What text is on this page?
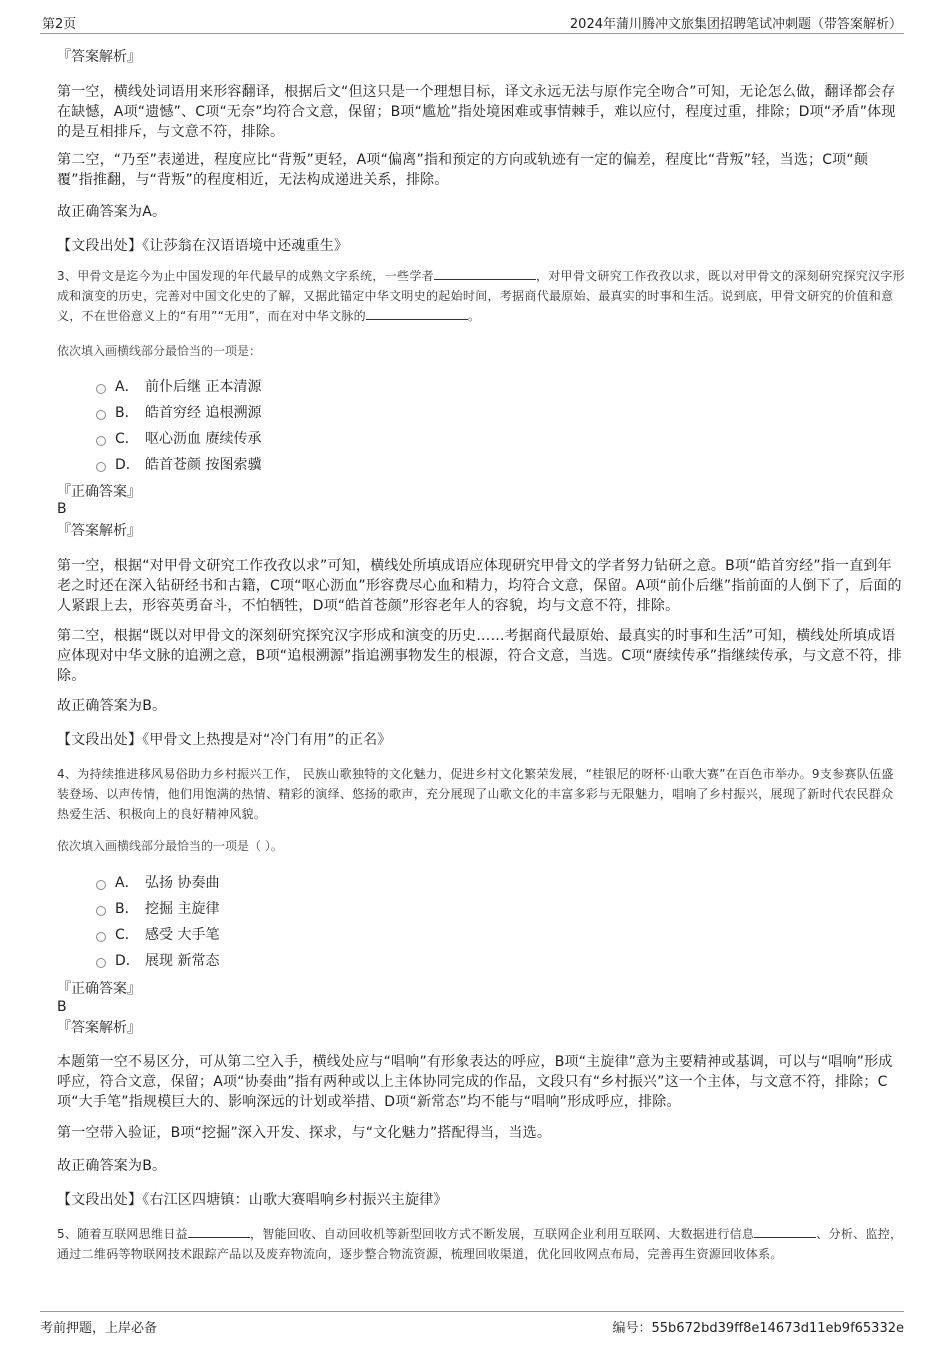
第2页	2024年蒲川腾冲文旅集团招聘笔试冲刺题（带答案解析）
『答案解析』
第一空，横线处词语用来形容翻译，根据后文“但这只是一个理想目标，译文永远无法与原作完全吻合”可知，无论怎么做，翻译都会存在缺憾，A项“遗憾”、C项“无奈”均符合文意，保留；B项“尴尬”指处境困难或事情棘手，难以应付，程度过重，排除；D项“矛盾”体现的是互相排斥，与文意不符，排除。
第二空，“乃至”表递进，程度应比“背叛”更轻，A项“偏离”指和预定的方向或轨迹有一定的偏差，程度比“背叛”轻，当选；C项“颠覆”指推翻，与“背叛”的程度相近，无法构成递进关系，排除。
故正确答案为A。
【文段出处】《让莎翁在汉语语境中还魂重生》
3、甲骨文是迄今为止中国发现的年代最早的成熟文字系统，一些学者	，对甲骨文研究工作孜孜以求，既以对甲骨文的深刻研究探究汉字形成和演变的历史，完善对中国文化史的了解，又据此锚定中华文明史的起始时间，考据商代最原始、最真实的时事和生活。说到底，甲骨文研究的价值和意义，不在世俗意义上的“有用”“无用”，而在对中华文脉的	。
依次填入画横线部分最恰当的一项是：
A． 前仆后继 正本清源
B． 皓首穷经 追根溯源
C． 呕心沥血 赓续传承
D． 皓首苍颜 按图索骥
『正确答案』
B
『答案解析』
第一空，根据“对甲骨文研究工作孜孜以求”可知，横线处所填成语应体现研究甲骨文的学者努力钻研之意。B项“皓首穷经”指一直到年老之时还在深入钻研经书和古籍，C项“呕心沥血”形容费尽心血和精力，均符合文意，保留。A项“前仆后继”指前面的人倒下了，后面的人紧跟上去，形容英勇奋斗，不怕牺牲，D项“皓首苍颜”形容老年人的容貌，均与文意不符，排除。
第二空，根据“既以对甲骨文的深刻研究探究汉字形成和演变的历史……考据商代最原始、最真实的时事和生活”可知，横线处所填成语应体现对中华文脉的追溯之意，B项“追根溯源”指追溯事物发生的根源，符合文意，当选。C项“赓续传承”指继续传承，与文意不符，排除。
故正确答案为B。
【文段出处】《甲骨文上热搜是对“冷门有用”的正名》
4、为持续推进移风易俗助力乡村振兴工作， 民族山歌独特的文化魅力，促进乡村文化繁荣发展，“桂银尼的呀杯·山歌大赛”在百色市举办。9支参赛队伍盛装登场、以声传情，他们用饱满的热情、精彩的演绎、悠扬的歌声，充分展现了山歌文化的丰富多彩与无限魅力，唱响了乡村振兴，展现了新时代农民群众热爱生活、积极向上的良好精神风貌。
依次填入画横线部分最恰当的一项是（ ）。
A． 弘扬 协奏曲
B． 挖掘 主旋律
C． 感受 大手笔
D． 展现 新常态
『正确答案』
B
『答案解析』
本题第一空不易区分，可从第二空入手，横线处应与“唱响”有形象表达的呼应，B项“主旋律”意为主要精神或基调，可以与“唱响”形成呼应，符合文意，保留；A项“协奏曲”指有两种或以上主体协同完成的作品，文段只有“乡村振兴”这一个主体，与文意不符，排除；C项“大手笔”指规模巨大的、影响深远的计划或举措、D项“新常态”均不能与“唱响”形成呼应，排除。
第一空带入验证，B项“挖掘”深入开发、探求，与“文化魅力”搭配得当，当选。
故正确答案为B。
【文段出处】《右江区四塘镇：山歌大赛唱响乡村振兴主旋律》
5、随着互联网思维日益	，智能回收、自动回收机等新型回收方式不断发展，互联网企业利用互联网、大数据进行信息	、分析、监控，通过二维码等物联网技术跟踪产品以及废弃物流向，逐步整合物流资源，梳理回收渠道，优化回收网点布局，完善再生资源回收体系。
考前押题，上岸必备	编号：55b672bd39ff8e14673d11eb9f65332e
